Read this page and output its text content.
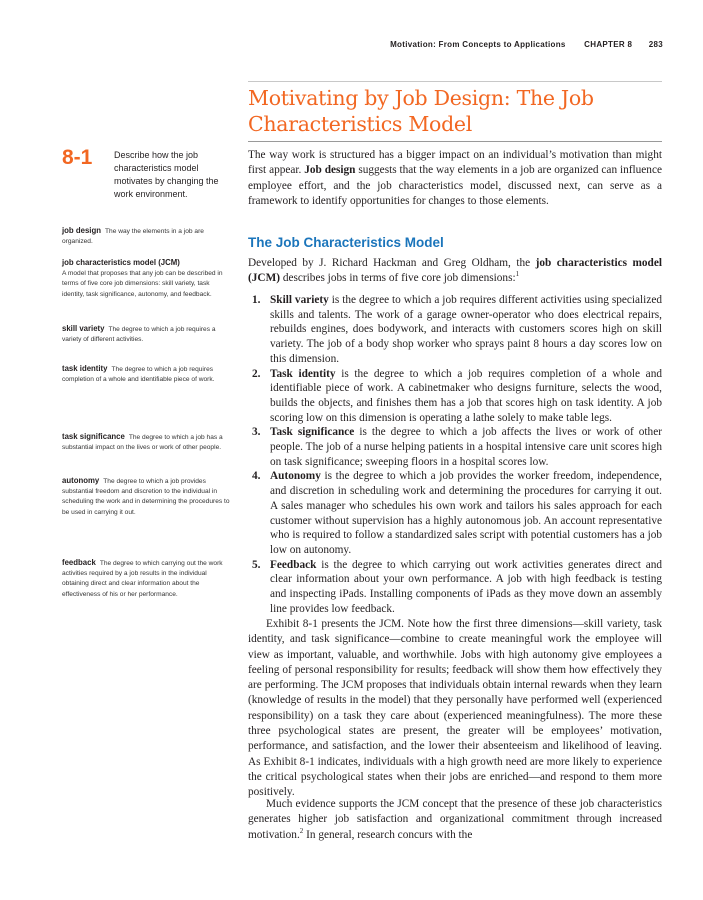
Motivation: From Concepts to Applications CHAPTER 8 283
Motivating by Job Design: The Job Characteristics Model
8-1 Describe how the job characteristics model motivates by changing the work environment.

job design The way the elements in a job are organized.

job characteristics model (JCM)
A model that proposes that any job can be described in terms of five core job dimensions: skill variety, task identity, task significance, autonomy, and feedback.

skill variety The degree to which a job requires a variety of different activities.

task identity The degree to which a job requires completion of a whole and identifiable piece of work.

task significance The degree to which a job has a substantial impact on the lives or work of other people.

autonomy The degree to which a job provides substantial freedom and discretion to the individual in scheduling the work and in determining the procedures to be used in carrying it out.

feedback The degree to which carrying out the work activities required by a job results in the individual obtaining direct and clear information about the effectiveness of his or her performance.

The way work is structured has a bigger impact on an individual’s motivation than might first appear. Job design suggests that the way elements in a job are organized can influence employee effort, and the job characteristics model, discussed next, can serve as a framework to identify opportunities for changes to those elements.

The Job Characteristics Model

Developed by J. Richard Hackman and Greg Oldham, the job characteristics model (JCM) describes jobs in terms of five core job dimensions:$^1$

1. Skill variety is the degree to which a job requires different activities using specialized skills and talents. The work of a garage owner-operator who does electrical repairs, rebuilds engines, does bodywork, and interacts with customers scores high on skill variety. The job of a body shop worker who sprays paint 8 hours a day scores low on this dimension.
2. Task identity is the degree to which a job requires completion of a whole and identifiable piece of work. A cabinetmaker who designs furniture, selects the wood, builds the objects, and finishes them has a job that scores high on task identity. A job scoring low on this dimension is operating a lathe solely to make table legs.
3. Task significance is the degree to which a job affects the lives or work of other people. The job of a nurse helping patients in a hospital intensive care unit scores high on task significance; sweeping floors in a hospital scores low.
4. Autonomy is the degree to which a job provides the worker freedom, independence, and discretion in scheduling work and determining the procedures for carrying it out. A sales manager who schedules his own work and tailors his sales approach for each customer without supervision has a highly autonomous job. An account representative who is required to follow a standardized sales script with potential customers has a job low on autonomy.
5. Feedback is the degree to which carrying out work activities generates direct and clear information about your own performance. A job with high feedback is testing and inspecting iPads. Installing components of iPads as they move down an assembly line provides low feedback.

Exhibit 8-1 presents the JCM. Note how the first three dimensions—skill variety, task identity, and task significance—combine to create meaningful work the employee will view as important, valuable, and worthwhile. Jobs with high autonomy give employees a feeling of personal responsibility for results; feedback will show them how effectively they are performing. The JCM proposes that individuals obtain internal rewards when they learn (knowledge of results in the model) that they personally have performed well (experienced responsibility) on a task they care about (experienced meaningfulness). The more these three psychological states are present, the greater will be employees’ motivation, performance, and satisfaction, and the lower their absenteeism and likelihood of leaving. As Exhibit 8-1 indicates, individuals with a high growth need are more likely to experience the critical psychological states when their jobs are enriched—and respond to them more positively.

Much evidence supports the JCM concept that the presence of these job characteristics generates higher job satisfaction and organizational commitment through increased motivation.$^2$ In general, research concurs with the
